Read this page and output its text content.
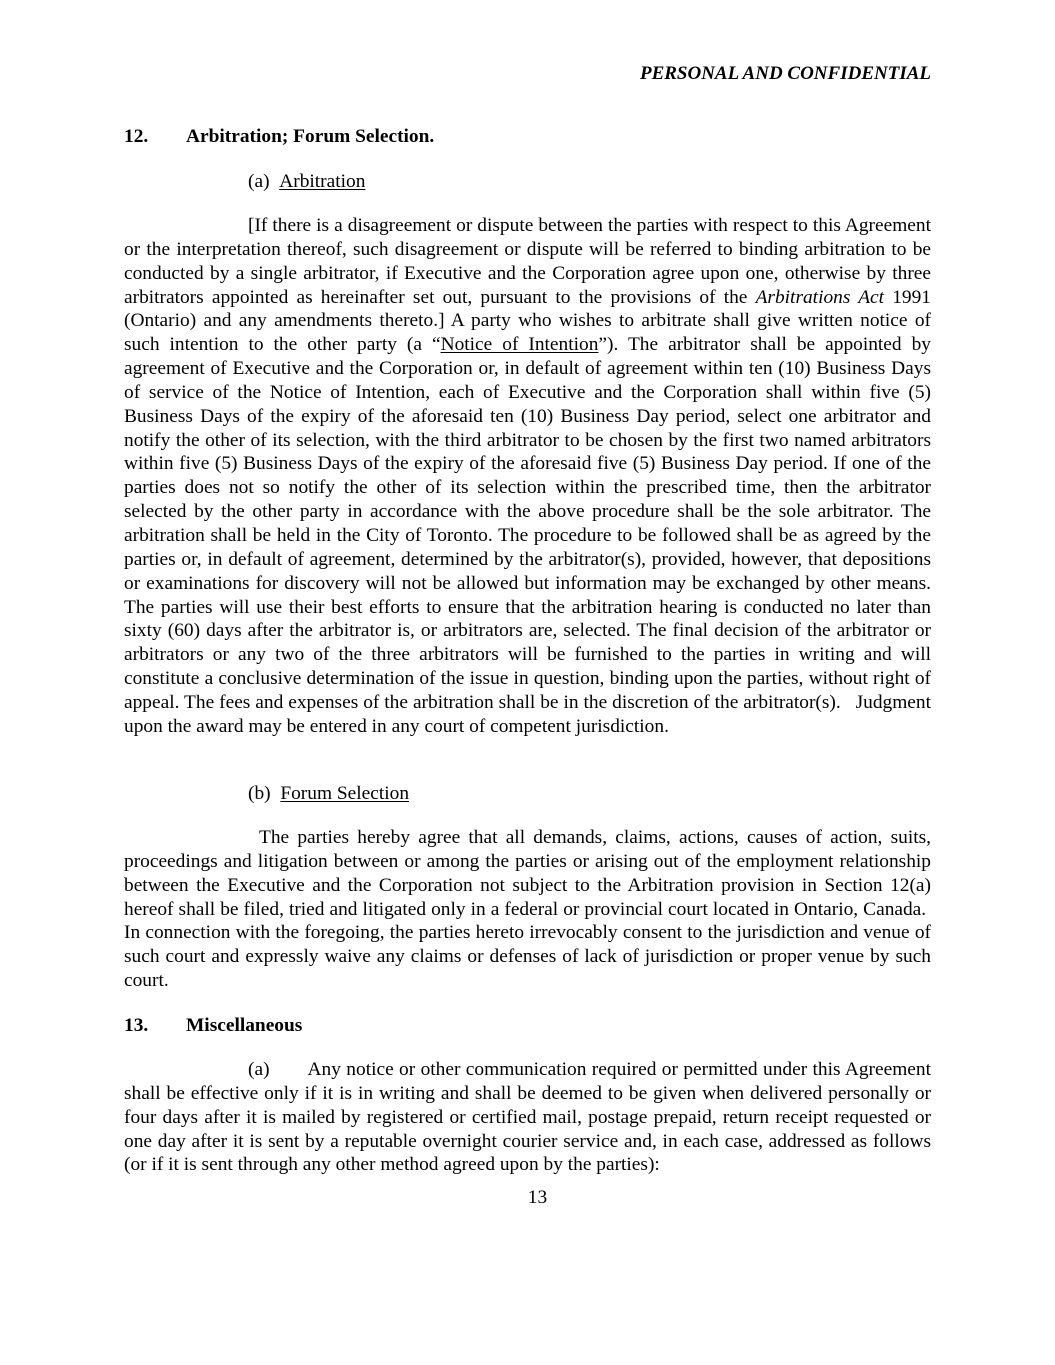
PERSONAL AND CONFIDENTIAL
12. Arbitration; Forum Selection.
(a) Arbitration

[If there is a disagreement or dispute between the parties with respect to this Agreement or the interpretation thereof, such disagreement or dispute will be referred to binding arbitration to be conducted by a single arbitrator, if Executive and the Corporation agree upon one, otherwise by three arbitrators appointed as hereinafter set out, pursuant to the provisions of the Arbitrations Act 1991 (Ontario) and any amendments thereto.] A party who wishes to arbitrate shall give written notice of such intention to the other party (a “Notice of Intention”). The arbitrator shall be appointed by agreement of Executive and the Corporation or, in default of agreement within ten (10) Business Days of service of the Notice of Intention, each of Executive and the Corporation shall within five (5) Business Days of the expiry of the aforesaid ten (10) Business Day period, select one arbitrator and notify the other of its selection, with the third arbitrator to be chosen by the first two named arbitrators within five (5) Business Days of the expiry of the aforesaid five (5) Business Day period. If one of the parties does not so notify the other of its selection within the prescribed time, then the arbitrator selected by the other party in accordance with the above procedure shall be the sole arbitrator. The arbitration shall be held in the City of Toronto. The procedure to be followed shall be as agreed by the parties or, in default of agreement, determined by the arbitrator(s), provided, however, that depositions or examinations for discovery will not be allowed but information may be exchanged by other means. The parties will use their best efforts to ensure that the arbitration hearing is conducted no later than sixty (60) days after the arbitrator is, or arbitrators are, selected. The final decision of the arbitrator or arbitrators or any two of the three arbitrators will be furnished to the parties in writing and will constitute a conclusive determination of the issue in question, binding upon the parties, without right of appeal. The fees and expenses of the arbitration shall be in the discretion of the arbitrator(s).   Judgment upon the award may be entered in any court of competent jurisdiction.

(b) Forum Selection

The parties hereby agree that all demands, claims, actions, causes of action, suits, proceedings and litigation between or among the parties or arising out of the employment relationship between the Executive and the Corporation not subject to the Arbitration provision in Section 12(a) hereof shall be filed, tried and litigated only in a federal or provincial court located in Ontario, Canada.  In connection with the foregoing, the parties hereto irrevocably consent to the jurisdiction and venue of such court and expressly waive any claims or defenses of lack of jurisdiction or proper venue by such court.

13. Miscellaneous

(a) Any notice or other communication required or permitted under this Agreement shall be effective only if it is in writing and shall be deemed to be given when delivered personally or four days after it is mailed by registered or certified mail, postage prepaid, return receipt requested or one day after it is sent by a reputable overnight courier service and, in each case, addressed as follows (or if it is sent through any other method agreed upon by the parties):

13
